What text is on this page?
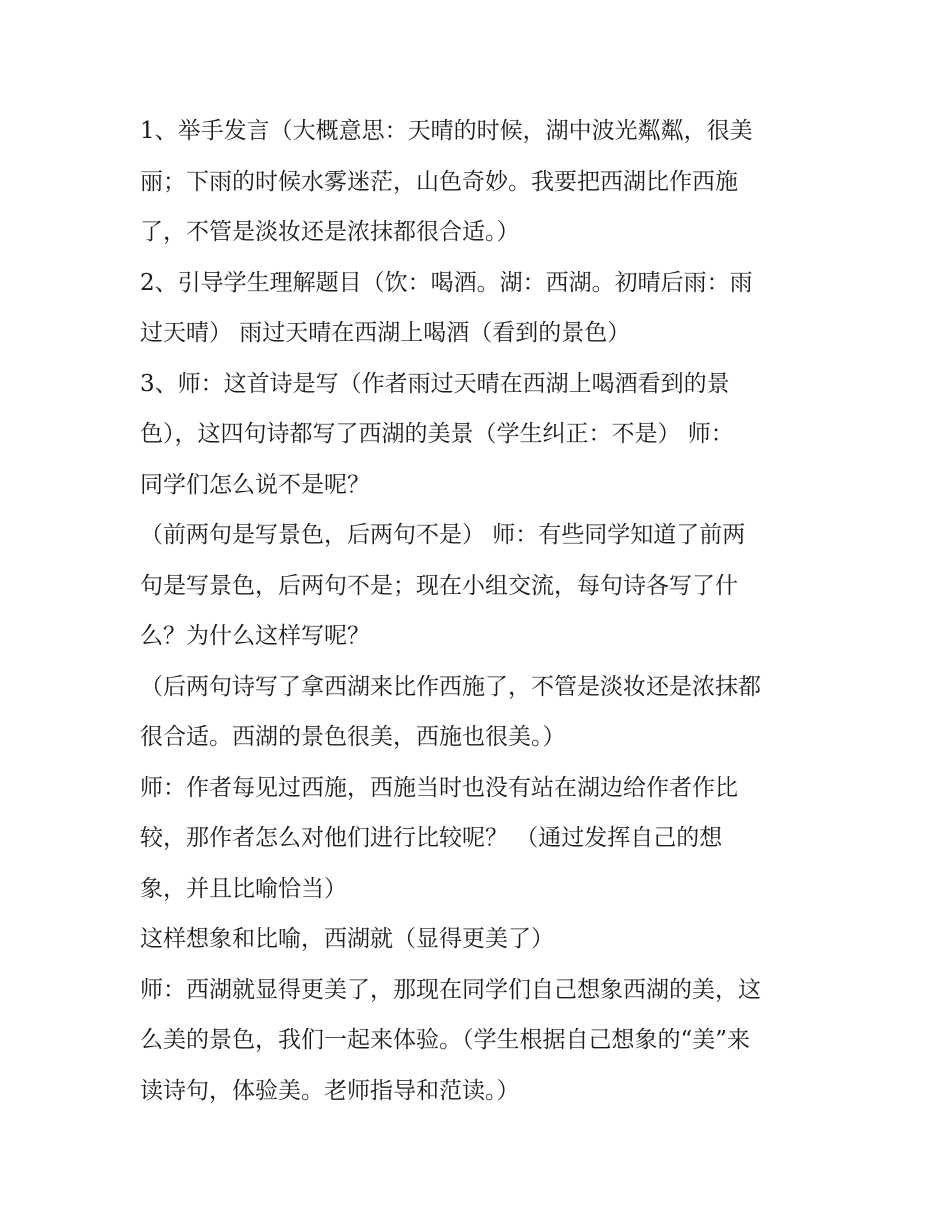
1、举手发言（大概意思：天晴的时候，湖中波光粼粼，很美
丽；下雨的时候水雾迷茫，山色奇妙。我要把西湖比作西施
了，不管是淡妆还是浓抹都很合适。）
2、引导学生理解题目（饮：喝酒。湖：西湖。初晴后雨：雨
过天晴） 雨过天晴在西湖上喝酒（看到的景色）
3、师：这首诗是写（作者雨过天晴在西湖上喝酒看到的景
色），这四句诗都写了西湖的美景（学生纠正：不是） 师：
同学们怎么说不是呢？
（前两句是写景色，后两句不是） 师：有些同学知道了前两
句是写景色，后两句不是；现在小组交流，每句诗各写了什
么？为什么这样写呢？
（后两句诗写了拿西湖来比作西施了，不管是淡妆还是浓抹都
很合适。西湖的景色很美，西施也很美。）
师：作者每见过西施，西施当时也没有站在湖边给作者作比
较，那作者怎么对他们进行比较呢？ （通过发挥自己的想
象，并且比喻恰当）
这样想象和比喻，西湖就（显得更美了）
师：西湖就显得更美了，那现在同学们自己想象西湖的美，这
么美的景色，我们一起来体验。（学生根据自己想象的“美”来
读诗句，体验美。老师指导和范读。）
